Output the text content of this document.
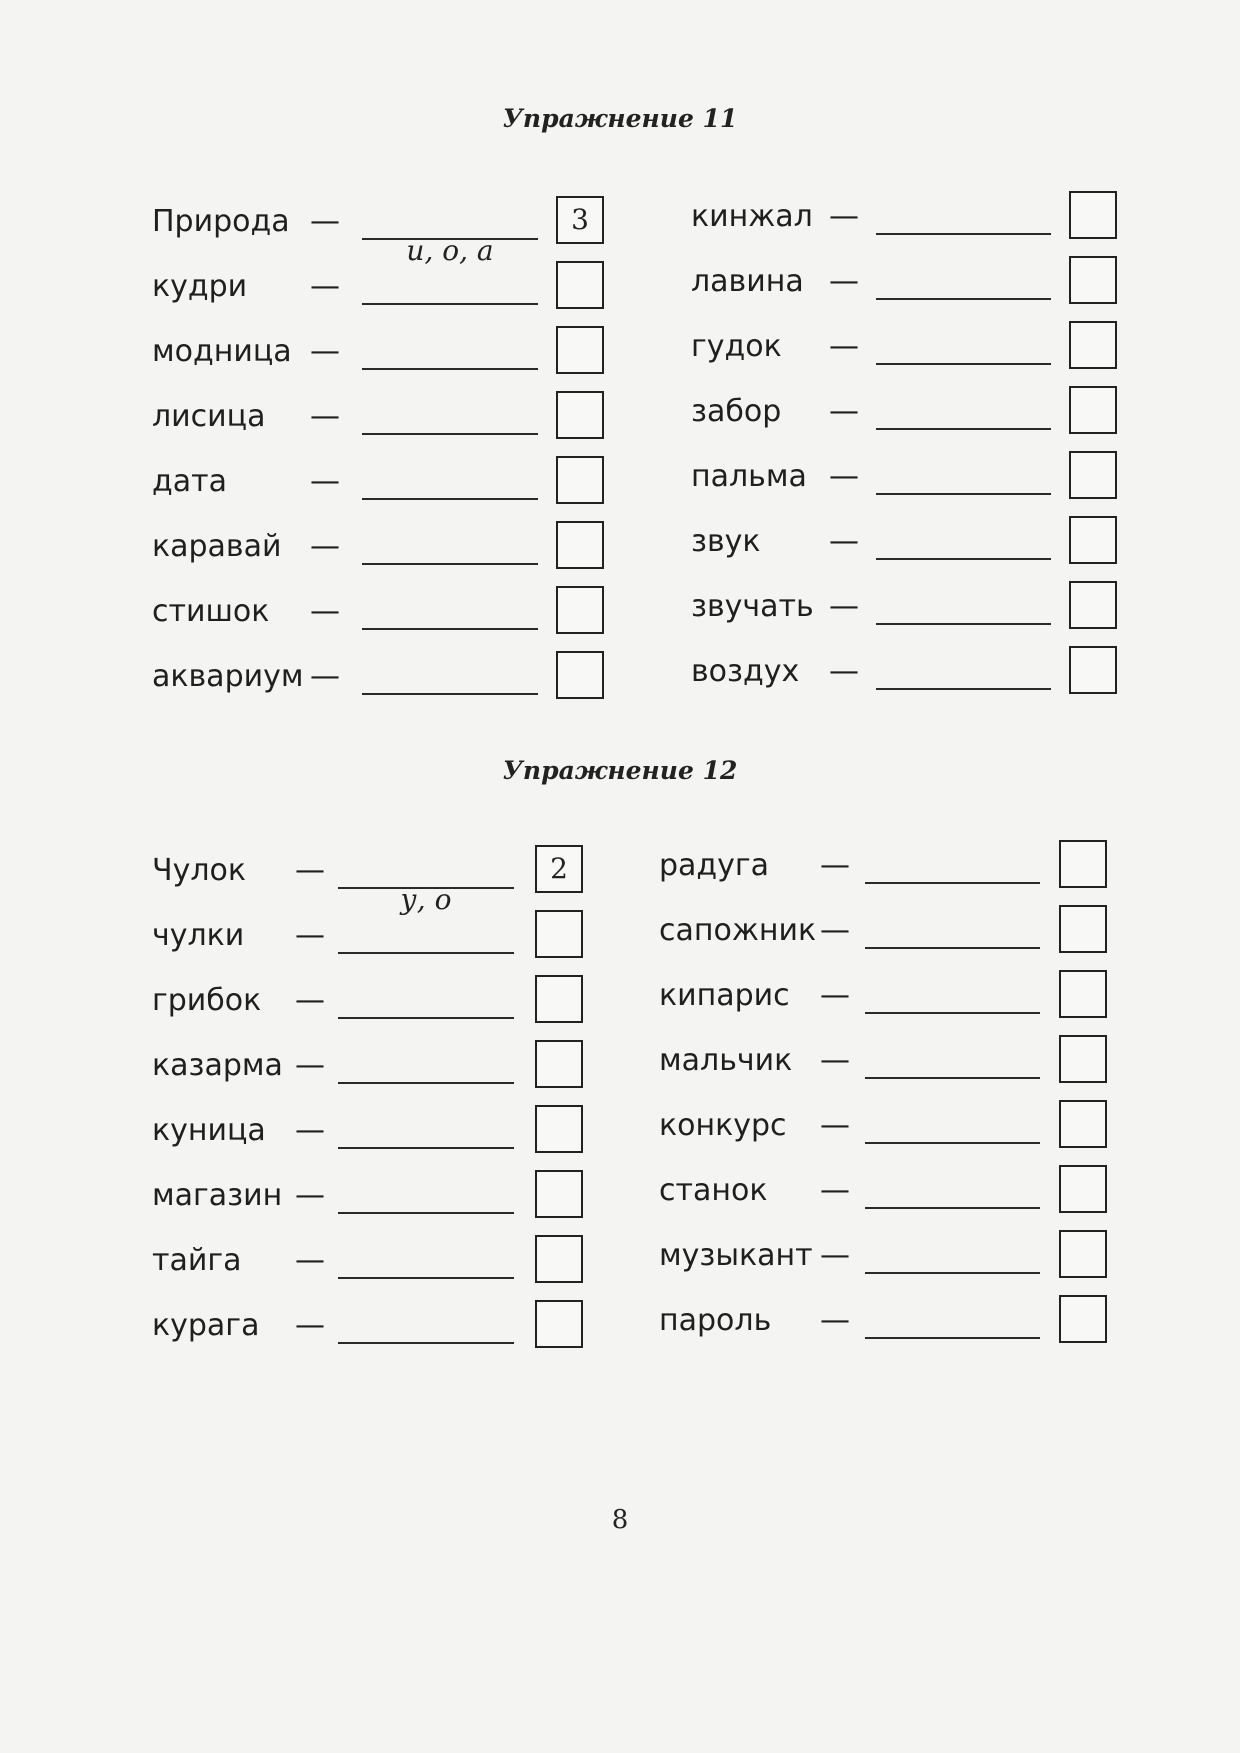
Упражнение 11
Природа —
и, о, а
3
кудри —
модница —
лисица —
дата	—
каравай —
стишок —
аквариум —
кинжал —
лавина —
гудок —
забор —
пальма —
звук —
звучать —
воздух —
Упражнение 12
Чулок —
у, о
2
чулки —
грибок —
казарма —
куница —
магазин —
тайга —
курага —
радуга —
сапожник —
кипарис —
мальчик —
конкурс —
станок —
музыкант —
пароль —
8
